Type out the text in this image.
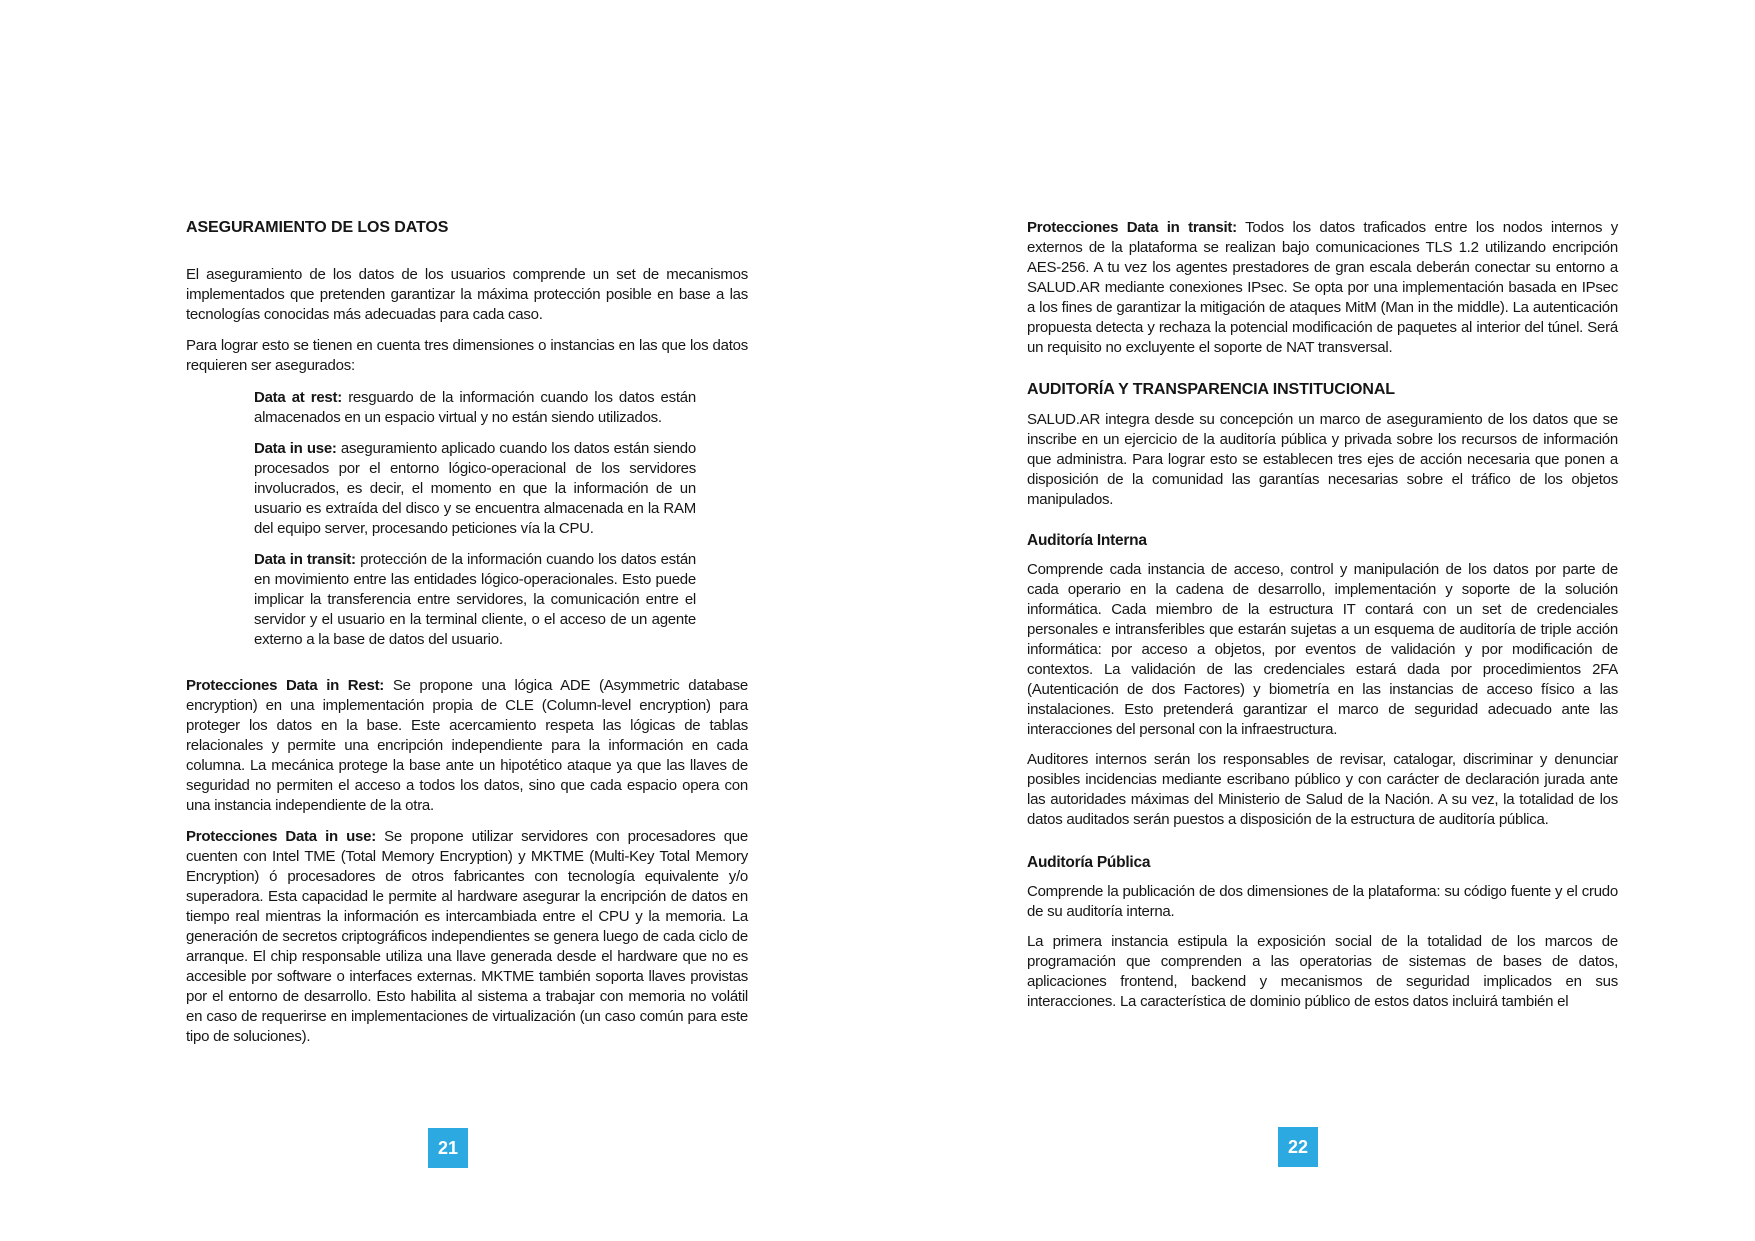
ASEGURAMIENTO DE LOS DATOS

El aseguramiento de los datos de los usuarios comprende un set de mecanismos implementados que pretenden garantizar la máxima protección posible en base a las tecnologías conocidas más adecuadas para cada caso.

Para lograr esto se tienen en cuenta tres dimensiones o instancias en las que los datos requieren ser asegurados:

Data at rest: resguardo de la información cuando los datos están almacenados en un espacio virtual y no están siendo utilizados.

Data in use: aseguramiento aplicado cuando los datos están siendo procesados por el entorno lógico-operacional de los servidores involucrados, es decir, el momento en que la información de un usuario es extraída del disco y se encuentra almacenada en la RAM del equipo server, procesando peticiones vía la CPU.

Data in transit: protección de la información cuando los datos están en movimiento entre las entidades lógico-operacionales. Esto puede implicar la transferencia entre servidores, la comunicación entre el servidor y el usuario en la terminal cliente, o el acceso de un agente externo a la base de datos del usuario.

Protecciones Data in Rest: Se propone una lógica ADE (Asymmetric database encryption) en una implementación propia de CLE (Column-level encryption) para proteger los datos en la base. Este acercamiento respeta las lógicas de tablas relacionales y permite una encripción independiente para la información en cada columna. La mecánica protege la base ante un hipotético ataque ya que las llaves de seguridad no permiten el acceso a todos los datos, sino que cada espacio opera con una instancia independiente de la otra.

Protecciones Data in use: Se propone utilizar servidores con procesadores que cuenten con Intel TME (Total Memory Encryption) y MKTME (Multi-Key Total Memory Encryption) ó procesadores de otros fabricantes con tecnología equivalente y/o superadora. Esta capacidad le permite al hardware asegurar la encripción de datos en tiempo real mientras la información es intercambiada entre el CPU y la memoria. La generación de secretos criptográficos independientes se genera luego de cada ciclo de arranque. El chip responsable utiliza una llave generada desde el hardware que no es accesible por software o interfaces externas. MKTME también soporta llaves provistas por el entorno de desarrollo. Esto habilita al sistema a trabajar con memoria no volátil en caso de requerirse en implementaciones de virtualización (un caso común para este tipo de soluciones).

Protecciones Data in transit: Todos los datos traficados entre los nodos internos y externos de la plataforma se realizan bajo comunicaciones TLS 1.2 utilizando encripción AES-256. A tu vez los agentes prestadores de gran escala deberán conectar su entorno a SALUD.AR mediante conexiones IPsec. Se opta por una implementación basada en IPsec a los fines de garantizar la mitigación de ataques MitM (Man in the middle). La autenticación propuesta detecta y rechaza la potencial modificación de paquetes al interior del túnel. Será un requisito no excluyente el soporte de NAT transversal.

AUDITORÍA Y TRANSPARENCIA INSTITUCIONAL

SALUD.AR integra desde su concepción un marco de aseguramiento de los datos que se inscribe en un ejercicio de la auditoría pública y privada sobre los recursos de información que administra. Para lograr esto se establecen tres ejes de acción necesaria que ponen a disposición de la comunidad las garantías necesarias sobre el tráfico de los objetos manipulados.

Auditoría Interna

Comprende cada instancia de acceso, control y manipulación de los datos por parte de cada operario en la cadena de desarrollo, implementación y soporte de la solución informática. Cada miembro de la estructura IT contará con un set de credenciales personales e intransferibles que estarán sujetas a un esquema de auditoría de triple acción informática: por acceso a objetos, por eventos de validación y por modificación de contextos. La validación de las credenciales estará dada por procedimientos 2FA (Autenticación de dos Factores) y biometría en las instancias de acceso físico a las instalaciones. Esto pretenderá garantizar el marco de seguridad adecuado ante las interacciones del personal con la infraestructura.

Auditores internos serán los responsables de revisar, catalogar, discriminar y denunciar posibles incidencias mediante escribano público y con carácter de declaración jurada ante las autoridades máximas del Ministerio de Salud de la Nación. A su vez, la totalidad de los datos auditados serán puestos a disposición de la estructura de auditoría pública.

Auditoría Pública

Comprende la publicación de dos dimensiones de la plataforma: su código fuente y el crudo de su auditoría interna.

La primera instancia estipula la exposición social de la totalidad de los marcos de programación que comprenden a las operatorias de sistemas de bases de datos, aplicaciones frontend, backend y mecanismos de seguridad implicados en sus interacciones. La característica de dominio público de estos datos incluirá también el

21	22
